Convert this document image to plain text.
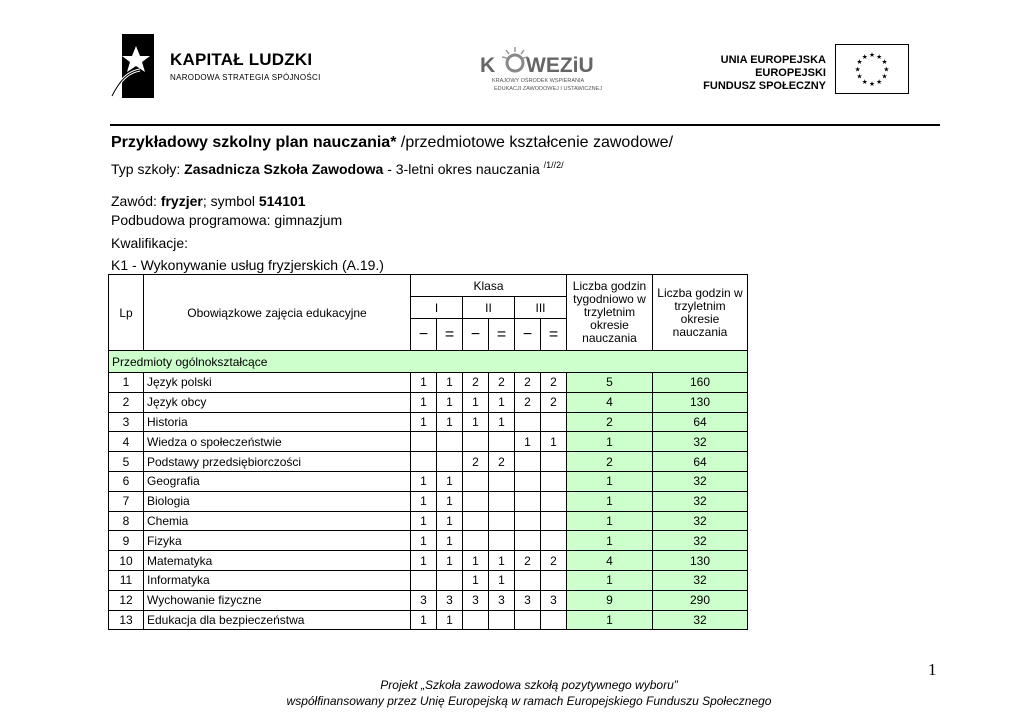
KAPITAŁ LUDZKI
NARODOWA STRATEGIA SPÓJNOŚCI
K WEZiU
KRAJOWY OŚRODEK WSPIERANIA
EDUKACJI ZAWODOWEJ I USTAWICZNEJ
UNIA EUROPEJSKA
EUROPEJSKI
FUNDUSZ SPOŁECZNY
★ ★
★
★
★
★
★
★
★
★
★
★
Przykładowy szkolny plan nauczania* /przedmiotowe kształcenie zawodowe/
Typ szkoły: Zasadnicza Szkoła Zawodowa - 3-letni okres nauczania $^{/1//2/}$
Zawód: fryzjer; symbol 514101
Podbudowa programowa: gimnazjum
Kwalifikacje:
K1 - Wykonywanie usług fryzjerskich (A.19.)
Lp	Obowiązkowe zajęcia edukacyjne	Klasa						Liczba godzin tygodniowo w trzyletnim okresie nauczania	Liczba godzin w trzyletnim okresie nauczania
		I		II		III			
		−	=	−	=	−	=		
Przedmioty ogólnokształcące									
1	Język polski	1	1	2	2	2	2	5	160
2	Język obcy	1	1	1	1	2	2	4	130
3	Historia	1	1	1	1			2	64
4	Wiedza o społeczeństwie					1	1	1	32
5	Podstawy przedsiębiorczości			2	2			2	64
6	Geografia	1	1					1	32
7	Biologia	1	1					1	32
8	Chemia	1	1					1	32
9	Fizyka	1	1					1	32
10	Matematyka	1	1	1	1	2	2	4	130
11	Informatyka			1	1			1	32
12	Wychowanie fizyczne	3	3	3	3	3	3	9	290
13	Edukacja dla bezpieczeństwa	1	1					1	32
1
Projekt „Szkoła zawodowa szkołą pozytywnego wyboru”
współfinansowany przez Unię Europejską w ramach Europejskiego Funduszu Społecznego
